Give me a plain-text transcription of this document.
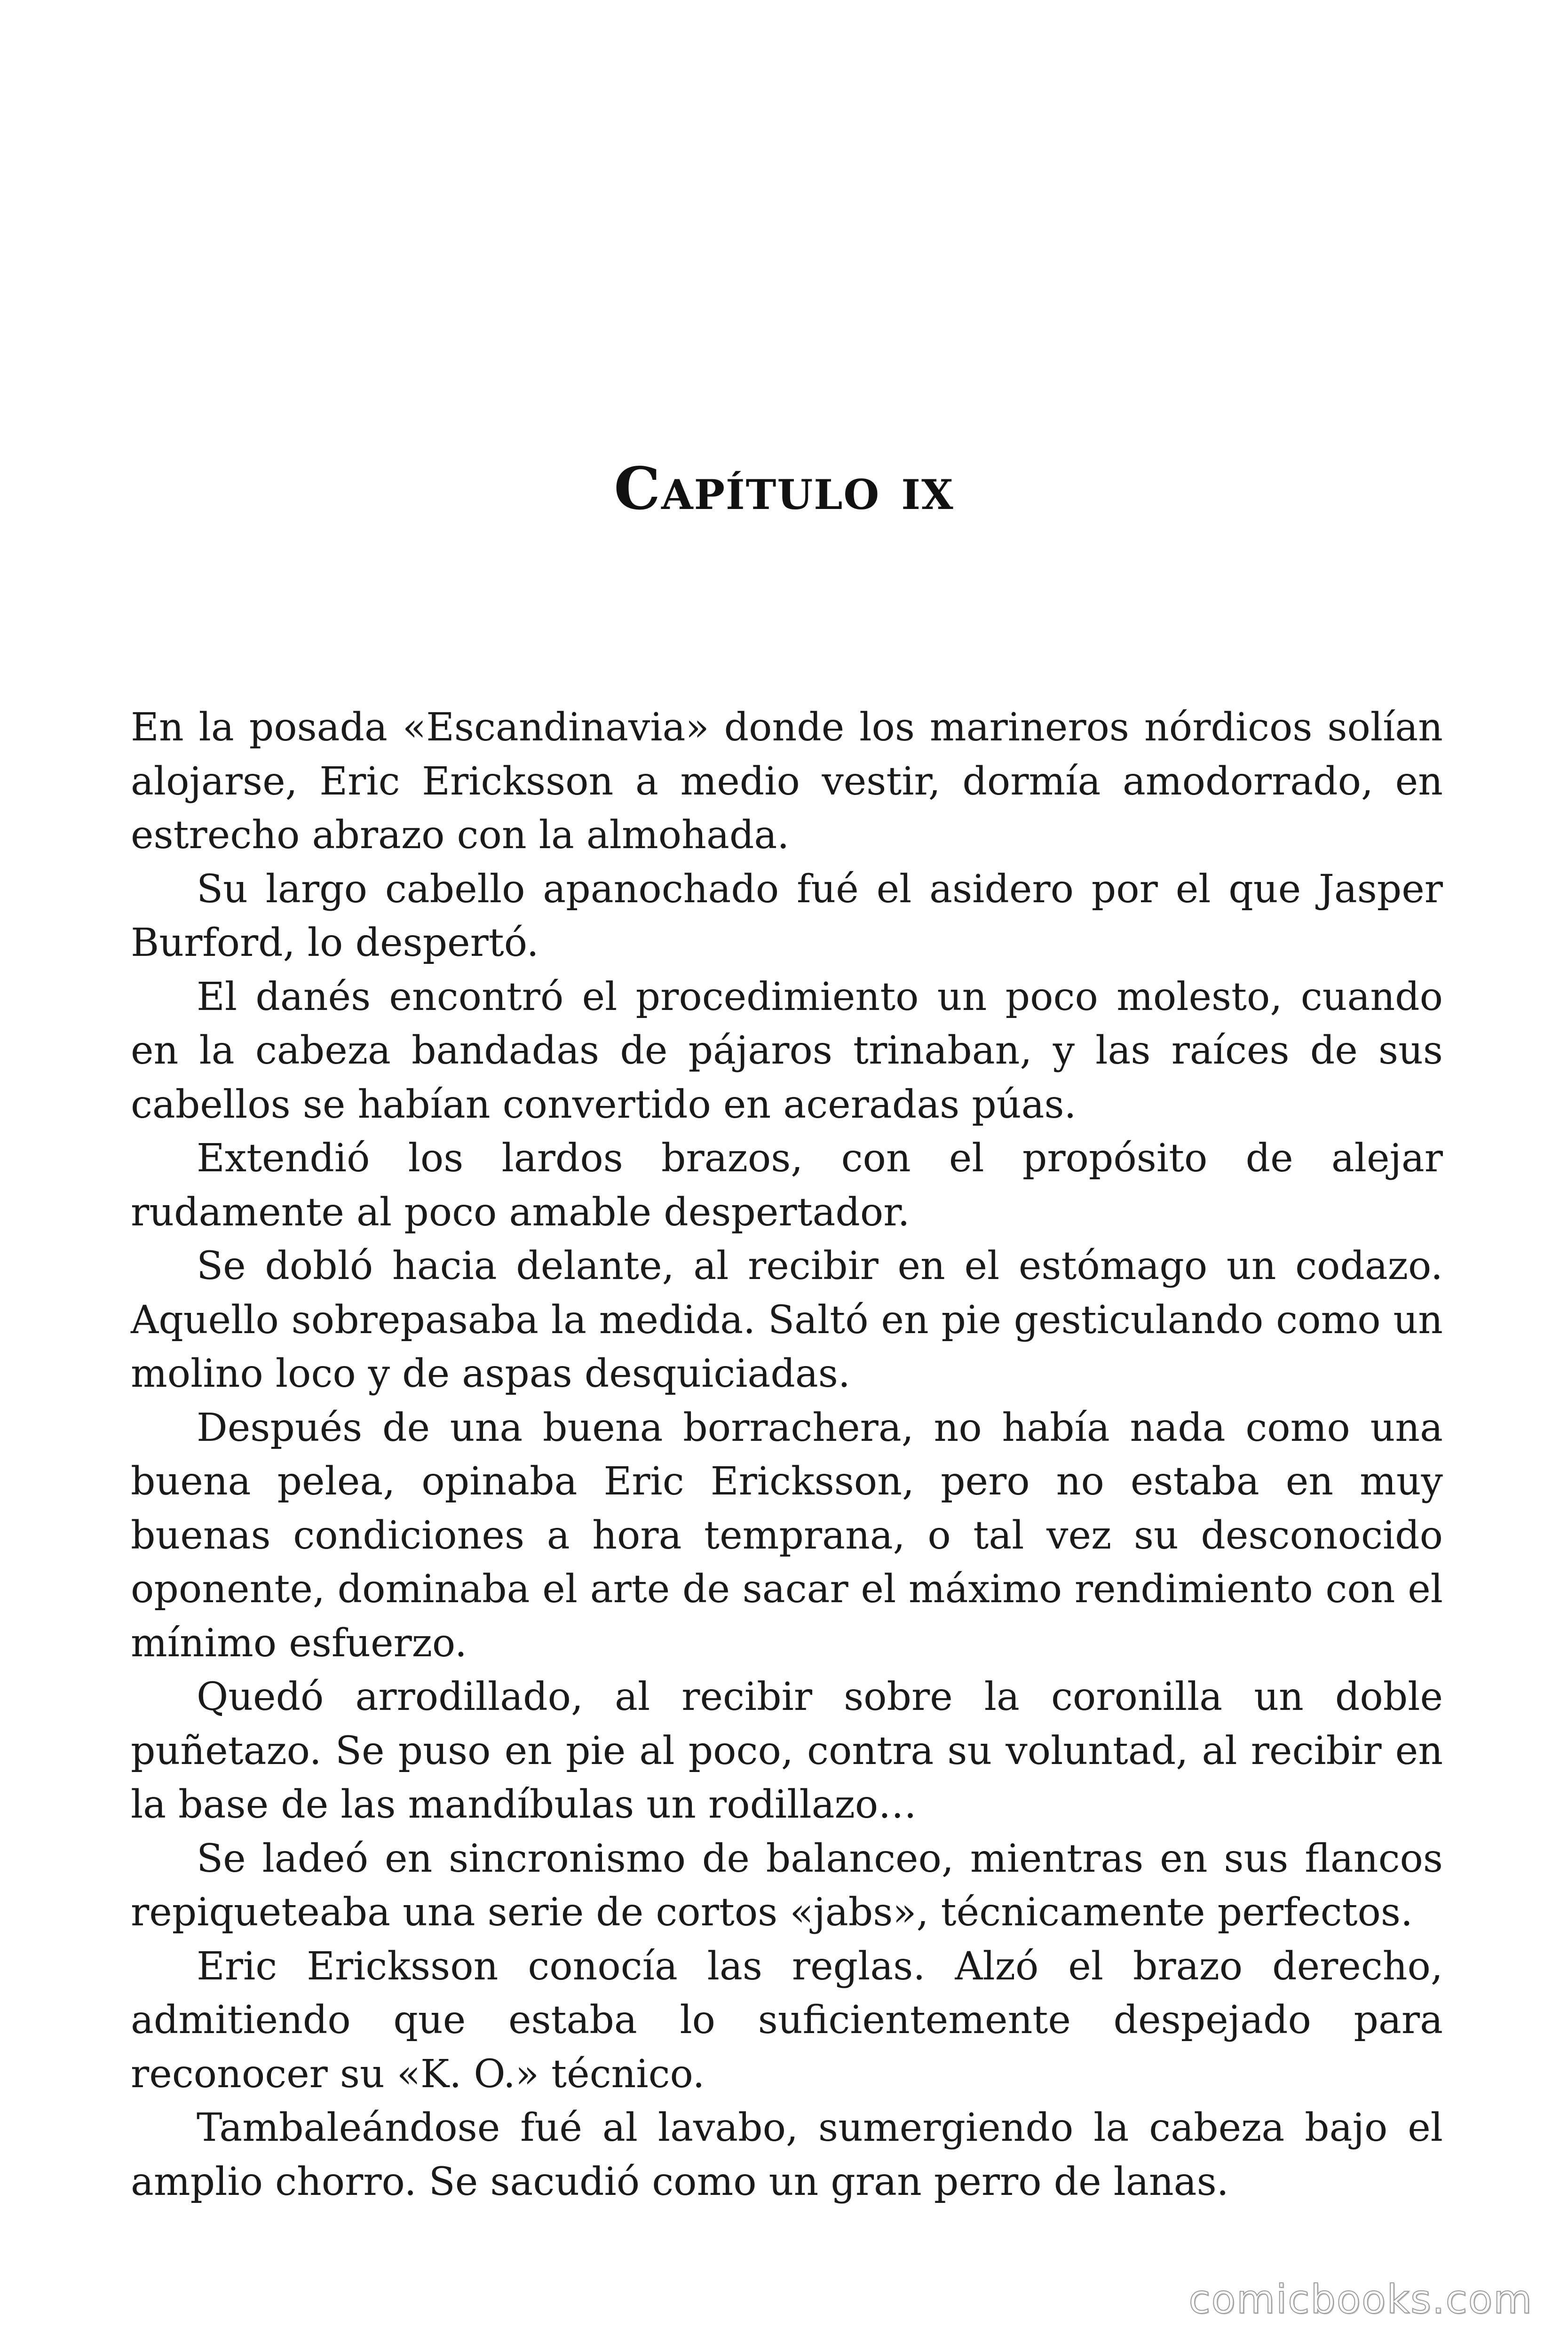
Capítulo ix

En la posada «Escandinavia» donde los marineros nórdicos solían alojarse, Eric Ericksson a medio vestir, dormía amodorrado, en estrecho abrazo con la almohada.

Su largo cabello apanochado fué el asidero por el que Jasper Burford, lo despertó.

El danés encontró el procedimiento un poco molesto, cuando en la cabeza bandadas de pájaros trinaban, y las raíces de sus cabellos se habían convertido en aceradas púas.

Extendió los lardos brazos, con el propósito de alejar rudamente al poco amable despertador.

Se dobló hacia delante, al recibir en el estómago un codazo. Aquello sobrepasaba la medida. Saltó en pie gesticulando como un molino loco y de aspas desquiciadas.

Después de una buena borrachera, no había nada como una buena pelea, opinaba Eric Ericksson, pero no estaba en muy buenas condiciones a hora temprana, o tal vez su desconocido oponente, dominaba el arte de sacar el máximo rendimiento con el mínimo esfuerzo.

Quedó arrodillado, al recibir sobre la coronilla un doble puñetazo. Se puso en pie al poco, contra su voluntad, al recibir en la base de las mandíbulas un rodillazo…

Se ladeó en sincronismo de balanceo, mientras en sus flancos repiqueteaba una serie de cortos «jabs», técnicamente perfectos.

Eric Ericksson conocía las reglas. Alzó el brazo derecho, admitiendo que estaba lo suficientemente despejado para reconocer su «K. O.» técnico.

Tambaleándose fué al lavabo, sumergiendo la cabeza bajo el amplio chorro. Se sacudió como un gran perro de lanas.

comicbooks.com
